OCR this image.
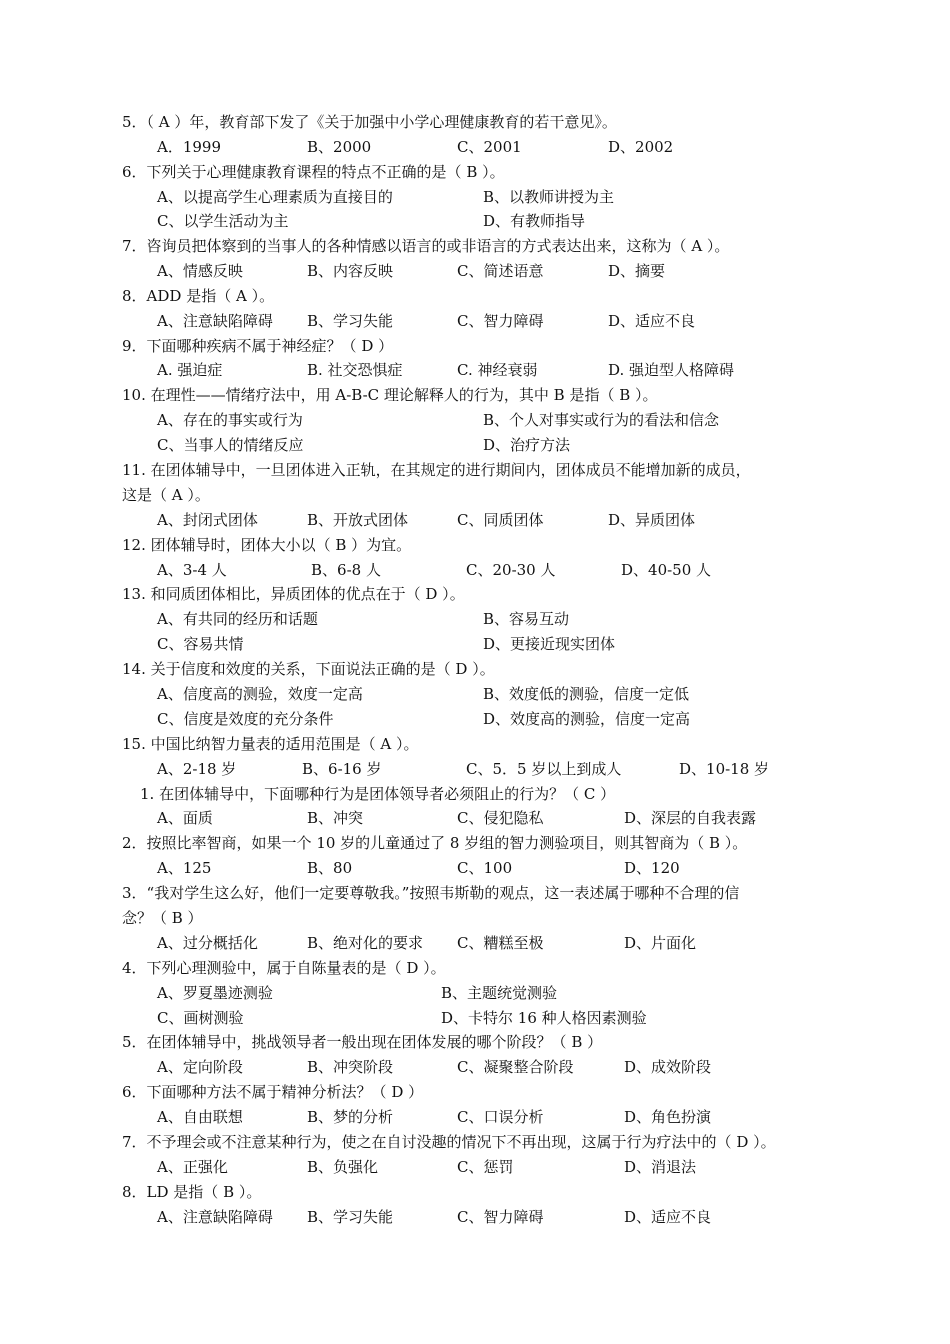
5．（ A ）年，教育部下发了《关于加强中小学心理健康教育的若干意见》。
A．1999	B、2000	C、2001	D、2002
6．下列关于心理健康教育课程的特点不正确的是（ B ）。
A、以提高学生心理素质为直接目的	B、以教师讲授为主
C、以学生活动为主	D、有教师指导
7．咨询员把体察到的当事人的各种情感以语言的或非语言的方式表达出来，这称为（ A ）。
A、情感反映	B、内容反映	C、简述语意	D、摘要
8．ADD 是指（ A ）。
A、注意缺陷障碍 B、学习失能	C、智力障碍	D、适应不良
9．下面哪种疾病不属于神经症？（ D ）
A. 强迫症	B. 社交恐惧症	C. 神经衰弱	D. 强迫型人格障碍
10. 在理性——情绪疗法中，用 A-B-C 理论解释人的行为，其中 B 是指（ B ）。
A、存在的事实或行为	B、个人对事实或行为的看法和信念
C、当事人的情绪反应	D、治疗方法
11. 在团体辅导中，一旦团体进入正轨，在其规定的进行期间内，团体成员不能增加新的成员，
这是（ A ）。
A、封闭式团体	B、开放式团体	C、同质团体	D、异质团体
12. 团体辅导时，团体大小以（ B ）为宜。
A、3-4 人	B、6-8 人	C、20-30 人	D、40-50 人
13. 和同质团体相比，异质团体的优点在于（ D ）。
A、有共同的经历和话题	B、容易互动
C、容易共情	D、更接近现实团体
14. 关于信度和效度的关系，下面说法正确的是（ D ）。
A、信度高的测验，效度一定高	B、效度低的测验，信度一定低
C、信度是效度的充分条件	D、效度高的测验，信度一定高
15. 中国比纳智力量表的适用范围是（ A ）。
A、2-18 岁	B、6-16 岁	C、5．5 岁以上到成人	D、10-18 岁
1. 在团体辅导中，下面哪种行为是团体领导者必须阻止的行为？（ C ）
A、面质	B、冲突	C、侵犯隐私	D、深层的自我表露
2．按照比率智商，如果一个 10 岁的儿童通过了 8 岁组的智力测验项目，则其智商为（ B ）。
A、125	B、80	C、100	D、120
3．“我对学生这么好，他们一定要尊敬我。”按照韦斯勒的观点，这一表述属于哪种不合理的信
念？（ B ）
A、过分概括化	B、绝对化的要求 C、糟糕至极	D、片面化
4．下列心理测验中，属于自陈量表的是（ D ）。
A、罗夏墨迹测验	B、主题统觉测验
C、画树测验	D、卡特尔 16 种人格因素测验
5．在团体辅导中，挑战领导者一般出现在团体发展的哪个阶段？（ B ）
A、定向阶段	B、冲突阶段	C、凝聚整合阶段	D、成效阶段
6．下面哪种方法不属于精神分析法？（ D ）
A、自由联想	B、梦的分析	C、口误分析	D、角色扮演
7．不予理会或不注意某种行为，使之在自讨没趣的情况下不再出现，这属于行为疗法中的（ D ）。
A、正强化	B、负强化	C、惩罚	D、消退法
8．LD 是指（ B ）。
A、注意缺陷障碍 B、学习失能	C、智力障碍	D、适应不良
